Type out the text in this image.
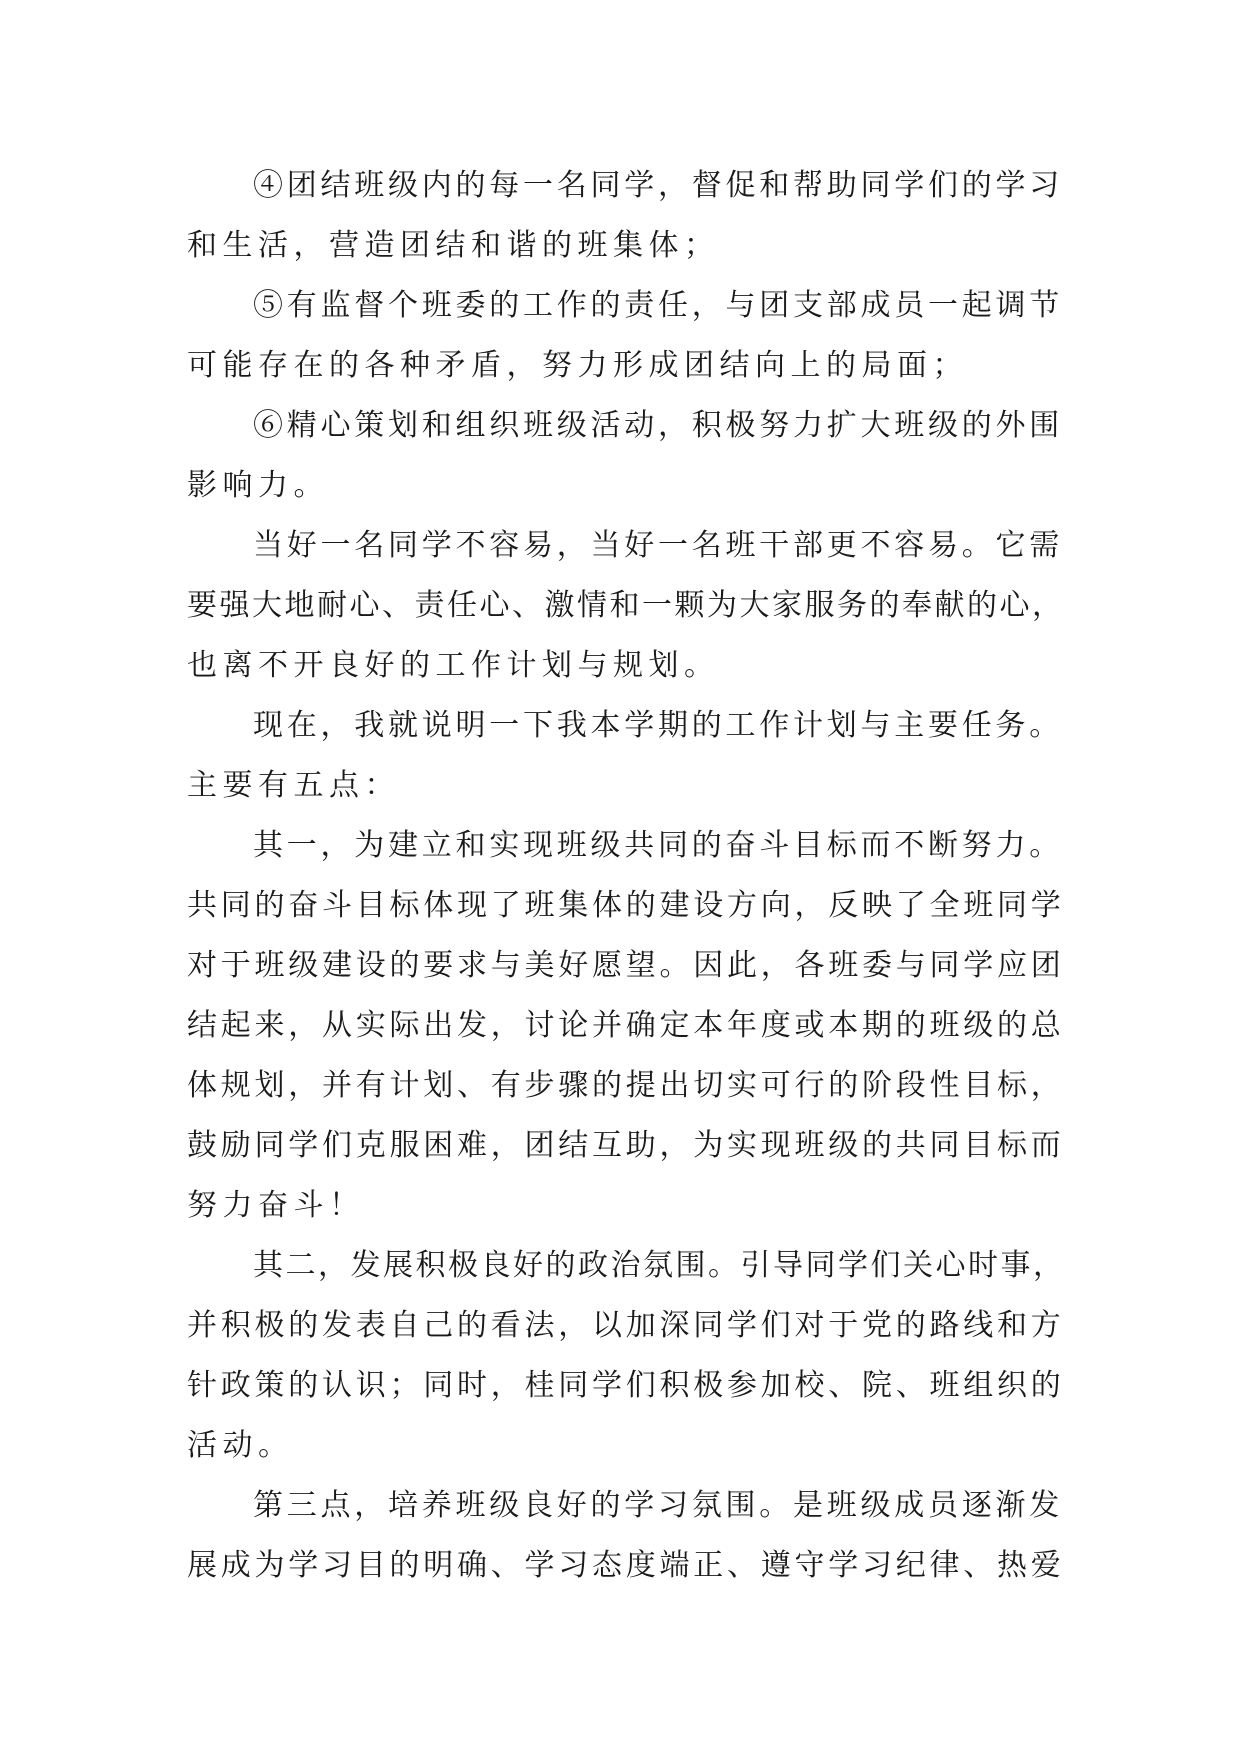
④团结班级内的每一名同学，督促和帮助同学们的学习
和生活，营造团结和谐的班集体；
⑤有监督个班委的工作的责任，与团支部成员一起调节
可能存在的各种矛盾，努力形成团结向上的局面；
⑥精心策划和组织班级活动，积极努力扩大班级的外围
影响力。
当好一名同学不容易，当好一名班干部更不容易。它需
要强大地耐心、责任心、激情和一颗为大家服务的奉献的心，
也离不开良好的工作计划与规划。
现在，我就说明一下我本学期的工作计划与主要任务。
主要有五点：
其一，为建立和实现班级共同的奋斗目标而不断努力。
共同的奋斗目标体现了班集体的建设方向，反映了全班同学
对于班级建设的要求与美好愿望。因此，各班委与同学应团
结起来，从实际出发，讨论并确定本年度或本期的班级的总
体规划，并有计划、有步骤的提出切实可行的阶段性目标，
鼓励同学们克服困难，团结互助，为实现班级的共同目标而
努力奋斗！
其二，发展积极良好的政治氛围。引导同学们关心时事，
并积极的发表自己的看法，以加深同学们对于党的路线和方
针政策的认识；同时，桂同学们积极参加校、院、班组织的
活动。
第三点，培养班级良好的学习氛围。是班级成员逐渐发
展成为学习目的明确、学习态度端正、遵守学习纪律、热爱
